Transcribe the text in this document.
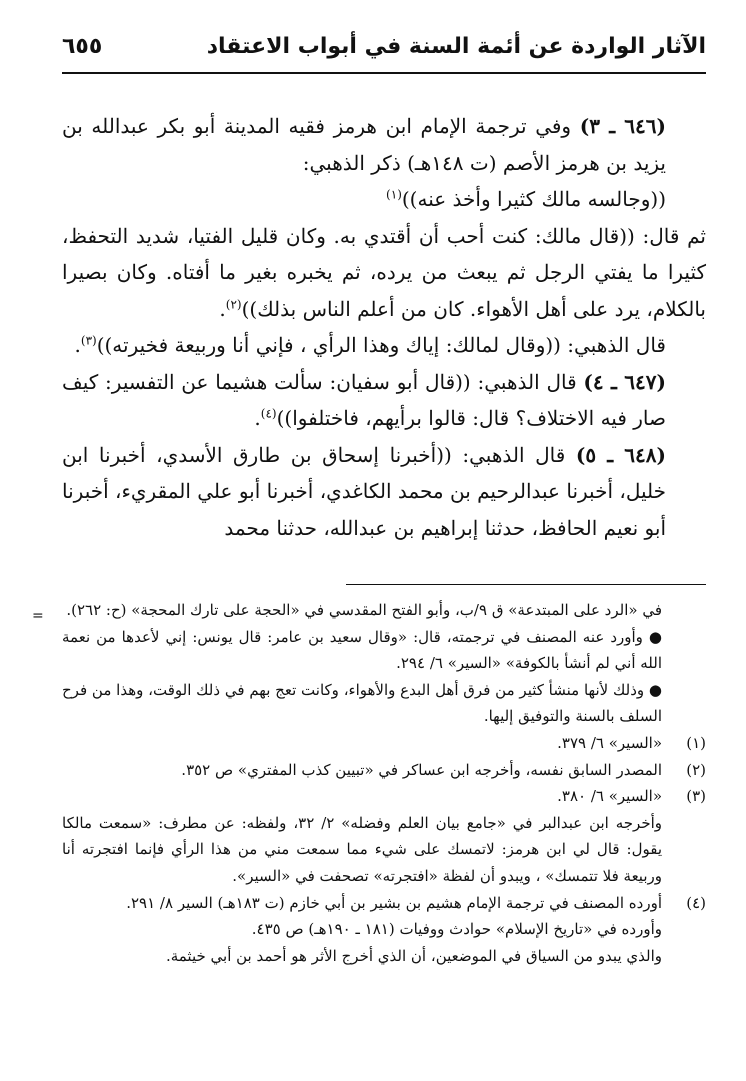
الآثار الواردة عن أئمة السنة في أبواب الاعتقاد
٦٥٥

(٦٤٦ ـ ٣) وفي ترجمة الإمام ابن هرمز فقيه المدينة أبو بكر عبدالله بن يزيد بن هرمز الأصم (ت ١٤٨هـ) ذكر الذهبي:

((وجالسه مالك كثيرا وأخذ عنه))$^{(١)}$

ثم قال: ((قال مالك: كنت أحب أن أقتدي به. وكان قليل الفتيا، شديد التحفظ، كثيرا ما يفتي الرجل ثم يبعث من يرده، ثم يخبره بغير ما أفتاه. وكان بصيرا بالكلام، يرد على أهل الأهواء. كان من أعلم الناس بذلك))$^{(٢)}$.

قال الذهبي: ((وقال لمالك: إياك وهذا الرأي ، فإني أنا وربيعة فخيرته))$^{(٣)}$.

(٦٤٧ ـ ٤) قال الذهبي: ((قال أبو سفيان: سألت هشيما عن التفسير: كيف صار فيه الاختلاف؟ قال: قالوا برأيهم، فاختلفوا))$^{(٤)}$.

(٦٤٨ ـ ٥) قال الذهبي: ((أخبرنا إسحاق بن طارق الأسدي، أخبرنا ابن خليل، أخبرنا عبدالرحيم بن محمد الكاغدي، أخبرنا أبو علي المقريء، أخبرنا أبو نعيم الحافظ، حدثنا إبراهيم بن عبدالله، حدثنا محمد

= في «الرد على المبتدعة» ق ٩/ب، وأبو الفتح المقدسي في «الحجة على تارك المحجة» (ح: ٢٦٢).

● وأورد عنه المصنف في ترجمته، قال: «وقال سعيد بن عامر: قال يونس: إني لأعدها من نعمة الله أني لم أنشأ بالكوفة» «السير» ٦/ ٢٩٤.

● وذلك لأنها منشأ كثير من فرق أهل البدع والأهواء، وكانت تعج بهم في ذلك الوقت، وهذا من فرح السلف بالسنة والتوفيق إليها.

(١)

«السير» ٦/ ٣٧٩.

(٢)

المصدر السابق نفسه، وأخرجه ابن عساكر في «تبيين كذب المفتري» ص ٣٥٢.

(٣)

«السير» ٦/ ٣٨٠.

وأخرجه ابن عبدالبر في «جامع بيان العلم وفضله» ٢/ ٣٢، ولفظه: عن مطرف: «سمعت مالكا يقول: قال لي ابن هرمز: لاتمسك على شيء مما سمعت مني من هذا الرأي فإنما افتجرته أنا وربيعة فلا تتمسك» ، ويبدو أن لفظة «افتجرته» تصحفت في «السير».

(٤)

أورده المصنف في ترجمة الإمام هشيم بن بشير بن أبي خازم (ت ١٨٣هـ) السير ٨/ ٢٩١.

وأورده في «تاريخ الإسلام» حوادث ووفيات (١٨١ ـ ١٩٠هـ) ص ٤٣٥.

والذي يبدو من السياق في الموضعين، أن الذي أخرج الأثر هو أحمد بن أبي خيثمة.
